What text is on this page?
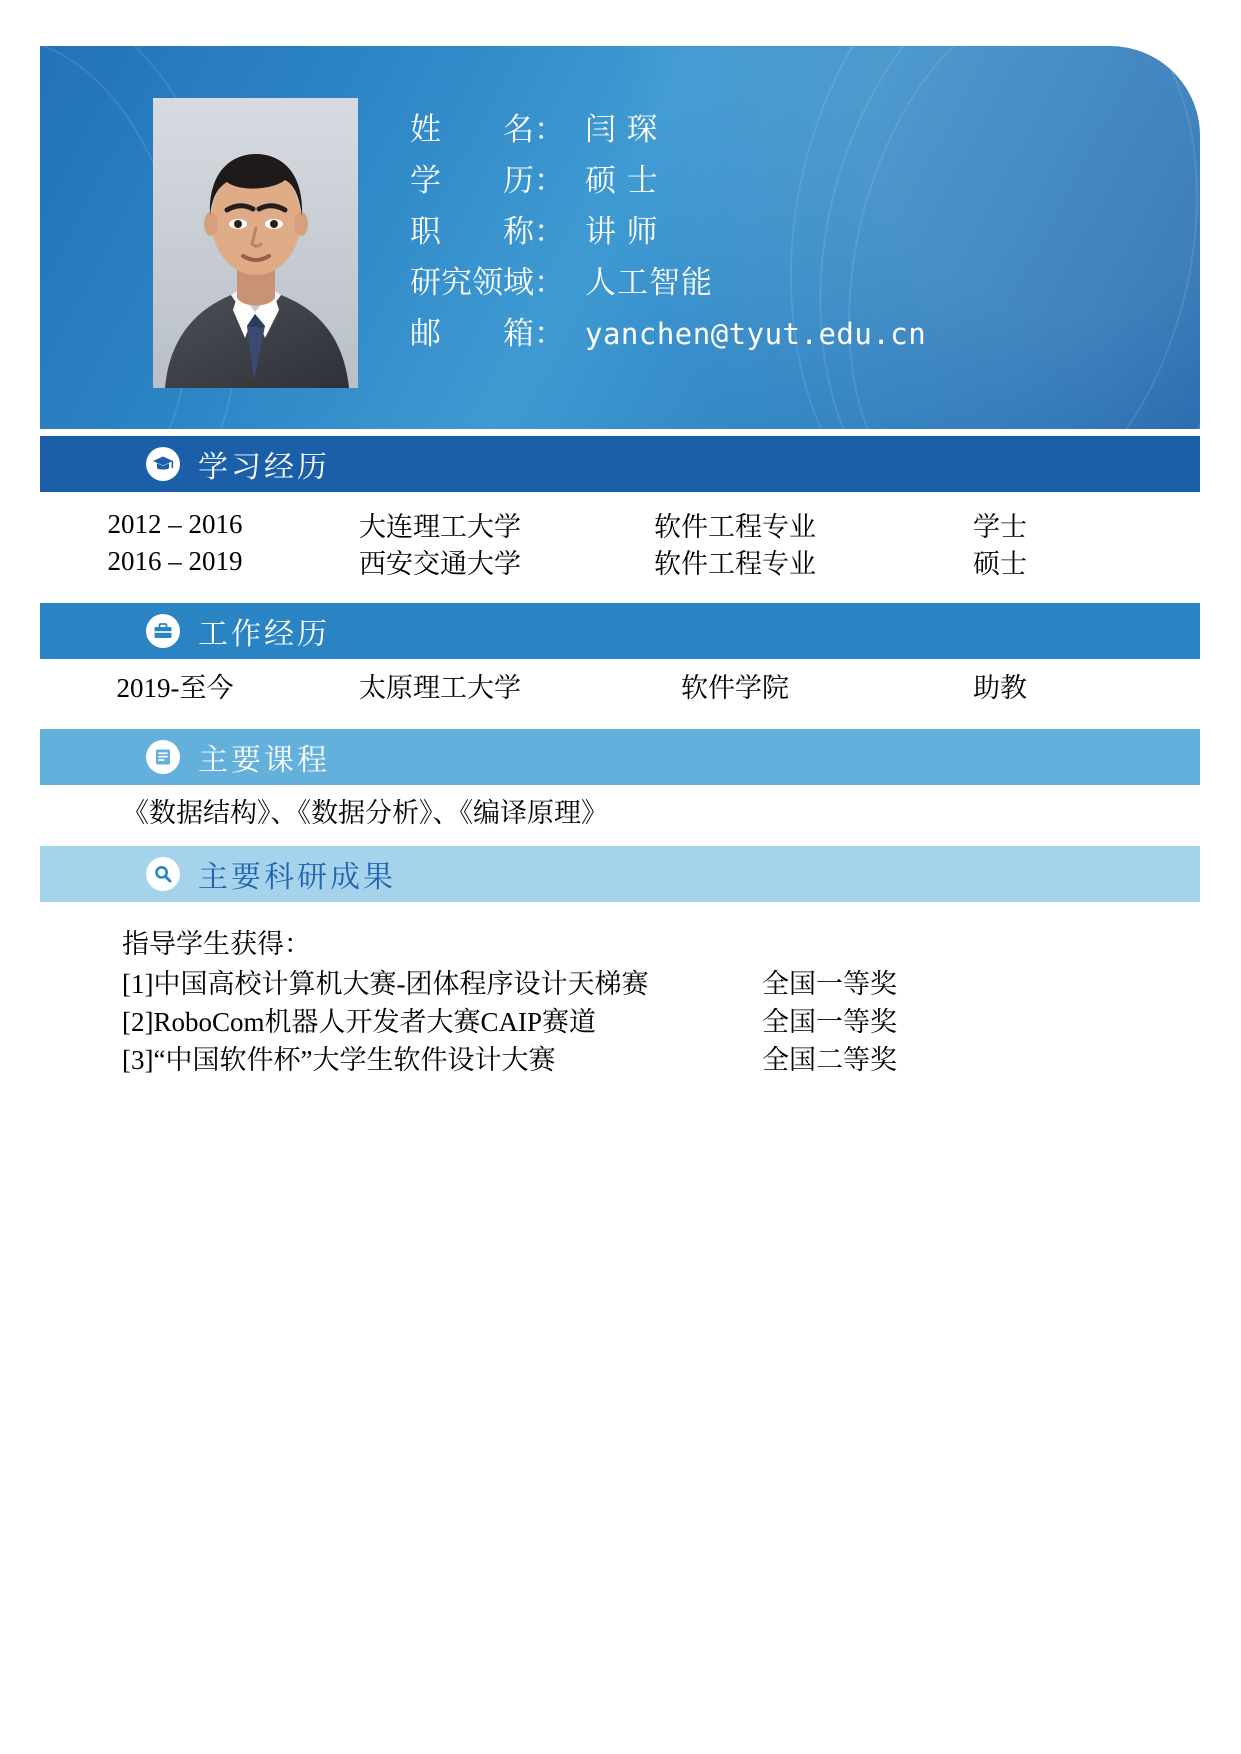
姓　　名： 闫 琛
学　　历： 硕 士
职　　称： 讲 师
研究领域： 人工智能
邮　　箱： yanchen@tyut.edu.cn
学习经历
2012 – 2016	大连理工大学	软件工程专业	学士
2016 – 2019	西安交通大学	软件工程专业	硕士
工作经历
2019-至今	太原理工大学	软件学院	助教
主要课程
《数据结构》、《数据分析》、《编译原理》
主要科研成果
指导学生获得：
[1]中国高校计算机大赛-团体程序设计天梯赛	全国一等奖
[2]RoboCom机器人开发者大赛CAIP赛道	全国一等奖
[3]“中国软件杯”大学生软件设计大赛	全国二等奖
